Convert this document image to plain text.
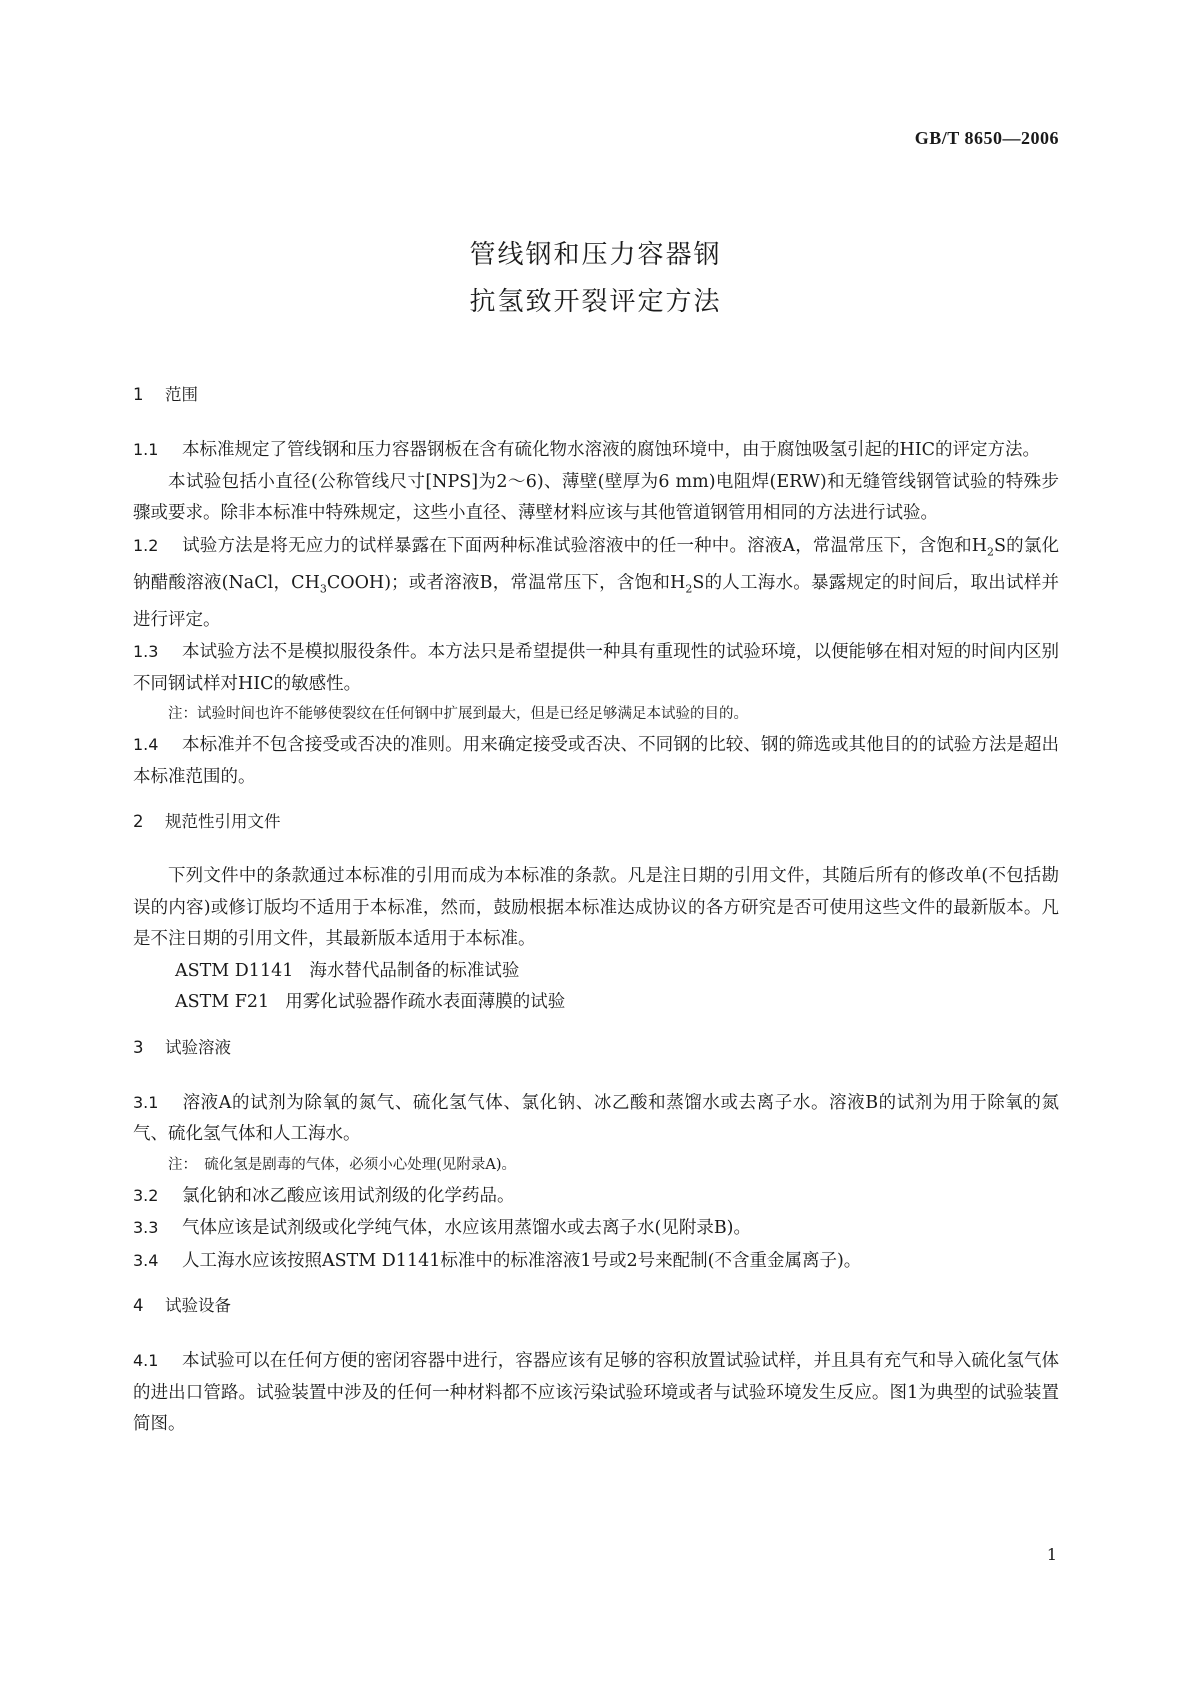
GB/T 8650—2006
管线钢和压力容器钢
抗氢致开裂评定方法
1 范围

1.1 本标准规定了管线钢和压力容器钢板在含有硫化物水溶液的腐蚀环境中，由于腐蚀吸氢引起的HIC的评定方法。

本试验包括小直径(公称管线尺寸[NPS]为2～6)、薄壁(壁厚为6 mm)电阻焊(ERW)和无缝管线钢管试验的特殊步骤或要求。除非本标准中特殊规定，这些小直径、薄壁材料应该与其他管道钢管用相同的方法进行试验。

1.2 试验方法是将无应力的试样暴露在下面两种标准试验溶液中的任一种中。溶液A，常温常压下，含饱和$H_2S$的氯化钠醋酸溶液(NaCl，$CH_3COOH$)；或者溶液B，常温常压下，含饱和$H_2S$的人工海水。暴露规定的时间后，取出试样并进行评定。

1.3 本试验方法不是模拟服役条件。本方法只是希望提供一种具有重现性的试验环境，以便能够在相对短的时间内区别不同钢试样对HIC的敏感性。

注：试验时间也许不能够使裂纹在任何钢中扩展到最大，但是已经足够满足本试验的目的。

1.4 本标准并不包含接受或否决的准则。用来确定接受或否决、不同钢的比较、钢的筛选或其他目的的试验方法是超出本标准范围的。

2 规范性引用文件

下列文件中的条款通过本标准的引用而成为本标准的条款。凡是注日期的引用文件，其随后所有的修改单(不包括勘误的内容)或修订版均不适用于本标准，然而，鼓励根据本标准达成协议的各方研究是否可使用这些文件的最新版本。凡是不注日期的引用文件，其最新版本适用于本标准。

ASTM D1141 海水替代品制备的标准试验

ASTM F21 用雾化试验器作疏水表面薄膜的试验

3 试验溶液

3.1 溶液A的试剂为除氧的氮气、硫化氢气体、氯化钠、冰乙酸和蒸馏水或去离子水。溶液B的试剂为用于除氧的氮气、硫化氢气体和人工海水。

注：　硫化氢是剧毒的气体，必须小心处理(见附录A)。

3.2 氯化钠和冰乙酸应该用试剂级的化学药品。

3.3 气体应该是试剂级或化学纯气体，水应该用蒸馏水或去离子水(见附录B)。

3.4 人工海水应该按照ASTM D1141标准中的标准溶液1号或2号来配制(不含重金属离子)。

4 试验设备

4.1 本试验可以在任何方便的密闭容器中进行，容器应该有足够的容积放置试验试样，并且具有充气和导入硫化氢气体的进出口管路。试验装置中涉及的任何一种材料都不应该污染试验环境或者与试验环境发生反应。图1为典型的试验装置简图。

1
